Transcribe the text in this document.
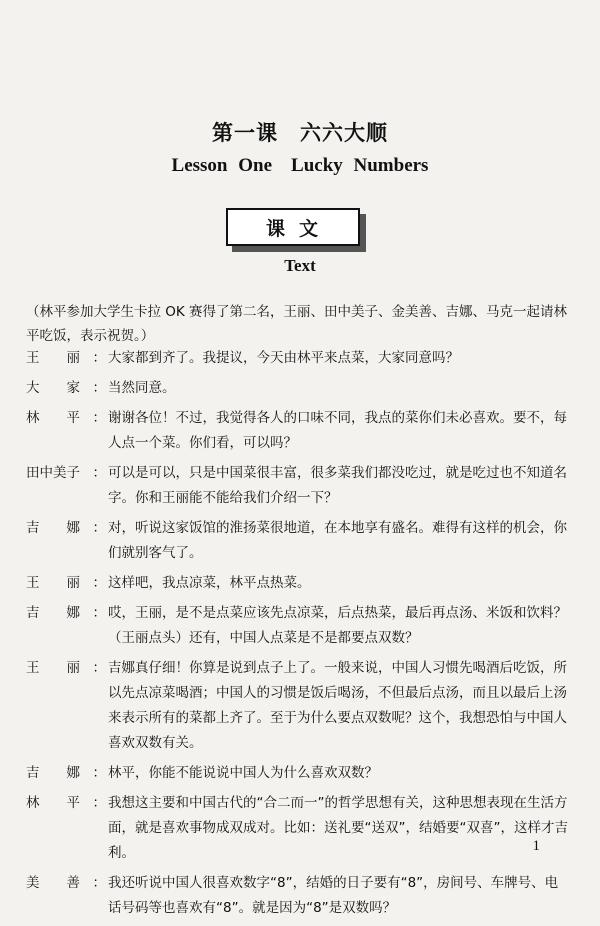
第一课　六六大顺
Lesson One　Lucky Numbers
课文
Text
（林平参加大学生卡拉 OK 赛得了第二名，王丽、田中美子、金美善、吉娜、马克一起请林平吃饭，表示祝贺。）
王　　丽 ： 大家都到齐了。我提议，今天由林平来点菜，大家同意吗？
大　　家 ： 当然同意。
林　　平 ： 谢谢各位！不过，我觉得各人的口味不同，我点的菜你们未必喜欢。要不，每人点一个菜。你们看，可以吗？
田中美子 ： 可以是可以，只是中国菜很丰富，很多菜我们都没吃过，就是吃过也不知道名字。你和王丽能不能给我们介绍一下？
吉　　娜 ： 对，听说这家饭馆的淮扬菜很地道，在本地享有盛名。难得有这样的机会，你们就别客气了。
王　　丽 ： 这样吧，我点凉菜，林平点热菜。
吉　　娜 ： 哎，王丽，是不是点菜应该先点凉菜，后点热菜，最后再点汤、米饭和饮料？（王丽点头）还有，中国人点菜是不是都要点双数？
王　　丽 ： 吉娜真仔细！你算是说到点子上了。一般来说，中国人习惯先喝酒后吃饭，所以先点凉菜喝酒；中国人的习惯是饭后喝汤，不但最后点汤，而且以最后上汤来表示所有的菜都上齐了。至于为什么要点双数呢？这个，我想恐怕与中国人喜欢双数有关。
吉　　娜 ： 林平，你能不能说说中国人为什么喜欢双数？
林　　平 ： 我想这主要和中国古代的“合二而一”的哲学思想有关，这种思想表现在生活方面，就是喜欢事物成双成对。比如：送礼要“送双”，结婚要“双喜”，这样才吉利。
美　　善 ： 我还听说中国人很喜欢数字“8”，结婚的日子要有“8”，房间号、车牌号、电话号码等也喜欢有“8”。就是因为“8”是双数吗？
1
